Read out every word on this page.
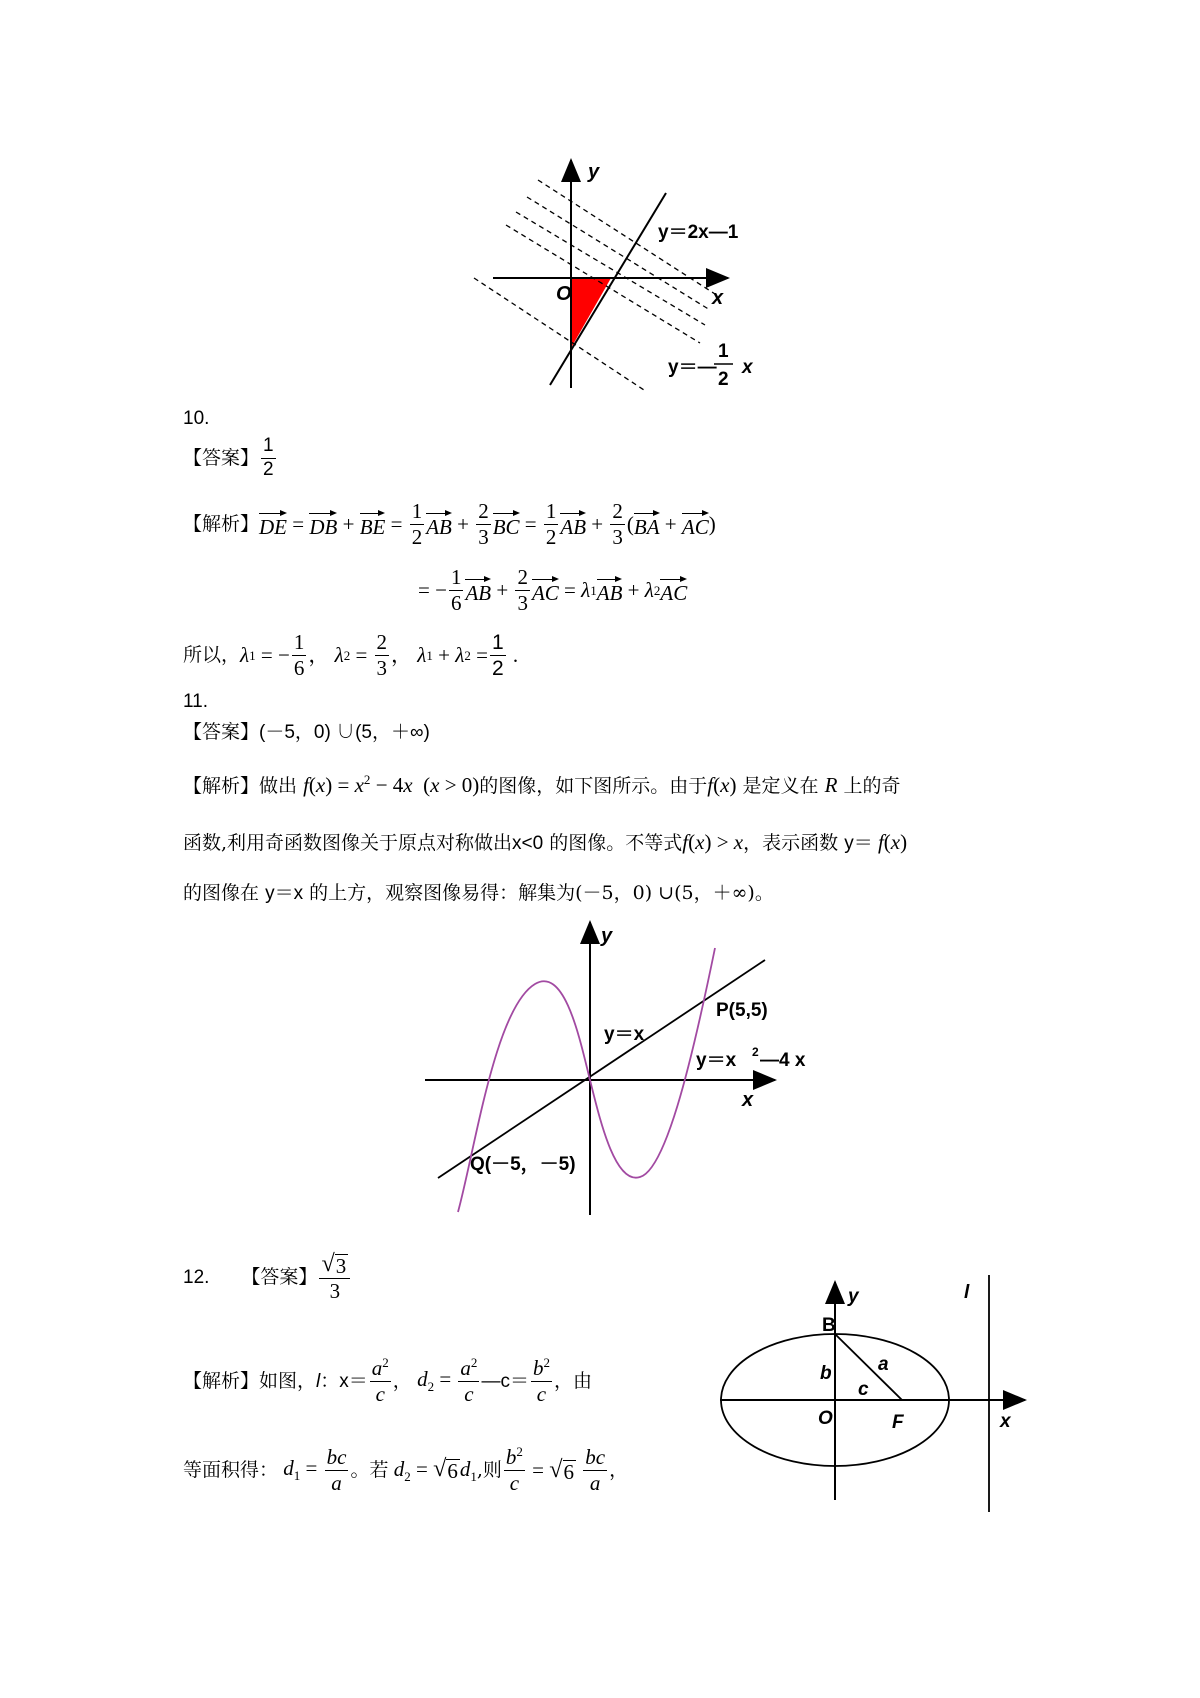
y
x
O
y＝2x—1
y＝—
1
2
x
10.
【答案】 $\frac{1}{2}$
【解析】 DE = DB + BE = $\frac{1}{2}$ AB + $\frac{2}{3}$ BC = $\frac{1}{2}$ AB + $\frac{2}{3}$ ( BA + AC )
= − $\frac{1}{6}$ AB + $\frac{2}{3}$ AC = λ 1 AB + λ 2 AC
所以， λ 1 = − $\frac{1}{6}$ ， λ $2 = \frac{2}{3}$ ， λ 1 + λ $2 = \frac{1}{2}$ .
11.
【答案】(－5，0) ∪(5，＋∞)
【解析】做出 $f(x) = x^2 - 4x$  (x > 0)的图像，如下图所示。由于f(x) 是定义在 R 上的奇
函数,利用奇函数图像关于原点对称做出x<0 的图像。不等式f(x) > x，表示函数 y＝ f(x)
的图像在 y＝x 的上方，观察图像易得：解集为(－5，0) ∪(5，＋∞)。
y
x
y＝x
P(5,5)
y＝x 2 —4 x
Q(－5，－5)
12. 【答案】 $\frac{√ 3}{3}$
【解析】 如图， l ：$x= \frac{a^2}{c}$ ， $d_2 = \frac{a^2}{c}$ —c＝ $\frac{b^2}{c}$ ，由
等面积得： $d_1 = \frac{bc}{a}$ 。若 $d_2$ = √ 6 $d_1$ ,则 $\frac{b^2}{c}$ = √ 6
$\frac{bc}{a}$ ，
y	l
B
b a
c
O	F	x
